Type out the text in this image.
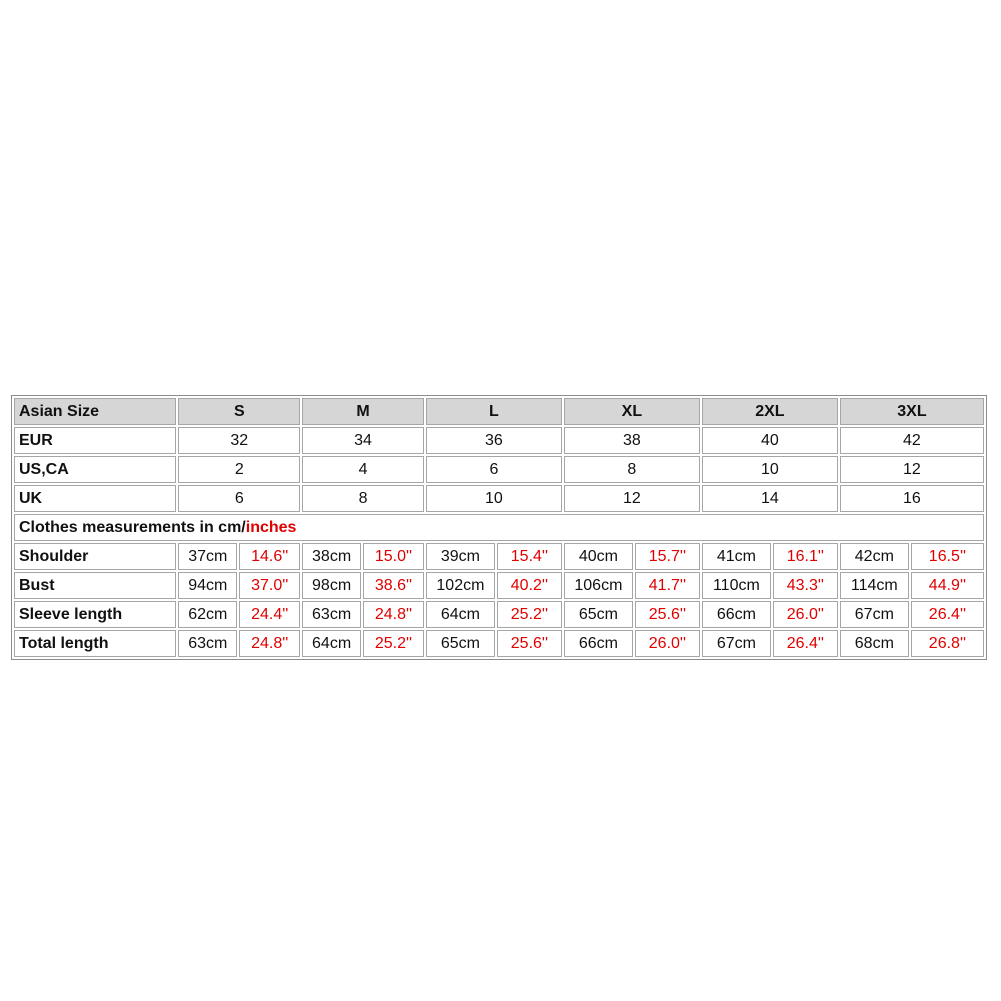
Asian Size	S		M		L		XL		2XL		3XL	
EUR	32		34		36		38		40		42	
US,CA	2		4		6		8		10		12	
UK	6		8		10		12		14		16	
Clothes measurements in cm/inches												
Shoulder	37cm	14.6''	38cm	15.0''	39cm	15.4''	40cm	15.7''	41cm	16.1''	42cm	16.5''
Bust	94cm	37.0''	98cm	38.6''	102cm	40.2''	106cm	41.7''	110cm	43.3''	114cm	44.9''
Sleeve length	62cm	24.4''	63cm	24.8''	64cm	25.2''	65cm	25.6''	66cm	26.0''	67cm	26.4''
Total length	63cm	24.8''	64cm	25.2''	65cm	25.6''	66cm	26.0''	67cm	26.4''	68cm	26.8''
